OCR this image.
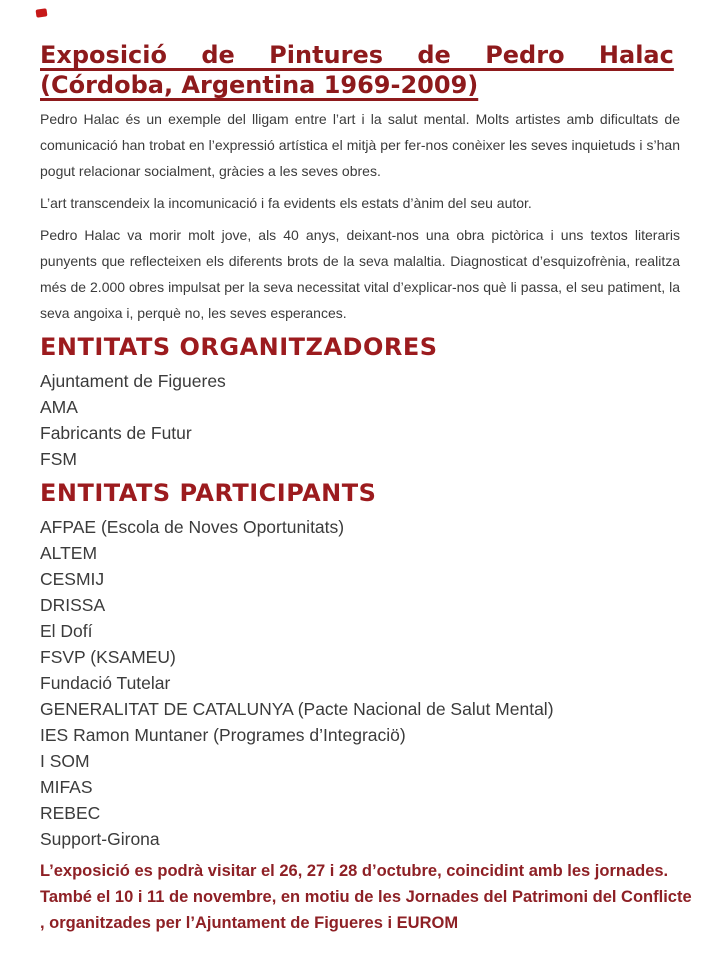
Exposició de Pintures de Pedro Halac
(Córdoba, Argentina 1969-2009)

Pedro Halac és un exemple del lligam entre l’art i la salut mental. Molts artistes amb dificultats de comunicació han trobat en l’expressió artística el mitjà per fer-nos conèixer les seves inquietuds i s’han pogut relacionar socialment, gràcies a les seves obres.

L’art transcendeix la incomunicació i fa evidents els estats d’ànim del seu autor.

Pedro Halac va morir molt jove, als 40 anys, deixant-nos una obra pictòrica i uns textos literaris punyents que reflecteixen els diferents brots de la seva malaltia. Diagnosticat d’esquizofrènia, realitza més de 2.000 obres impulsat per la seva necessitat vital d’explicar-nos què li passa, el seu patiment, la seva angoixa i, perquè no, les seves esperances.

ENTITATS ORGANITZADORES
Ajuntament de Figueres
AMA
Fabricants de Futur
FSM
ENTITATS PARTICIPANTS
AFPAE (Escola de Noves Oportunitats)
ALTEM
CESMIJ
DRISSA
El Dofí
FSVP (KSAMEU)
Fundació Tutelar
GENERALITAT DE CATALUNYA (Pacte Nacional de Salut Mental)
IES Ramon Muntaner (Programes d’Integraciö)
I SOM
MIFAS
REBEC
Support-Girona

L’exposició es podrà visitar el 26, 27 i 28 d’octubre, coincidint amb les jornades. També el 10 i 11 de novembre, en motiu de les Jornades del Patrimoni del Conflicte , organitzades per l’Ajuntament de Figueres i EUROM
